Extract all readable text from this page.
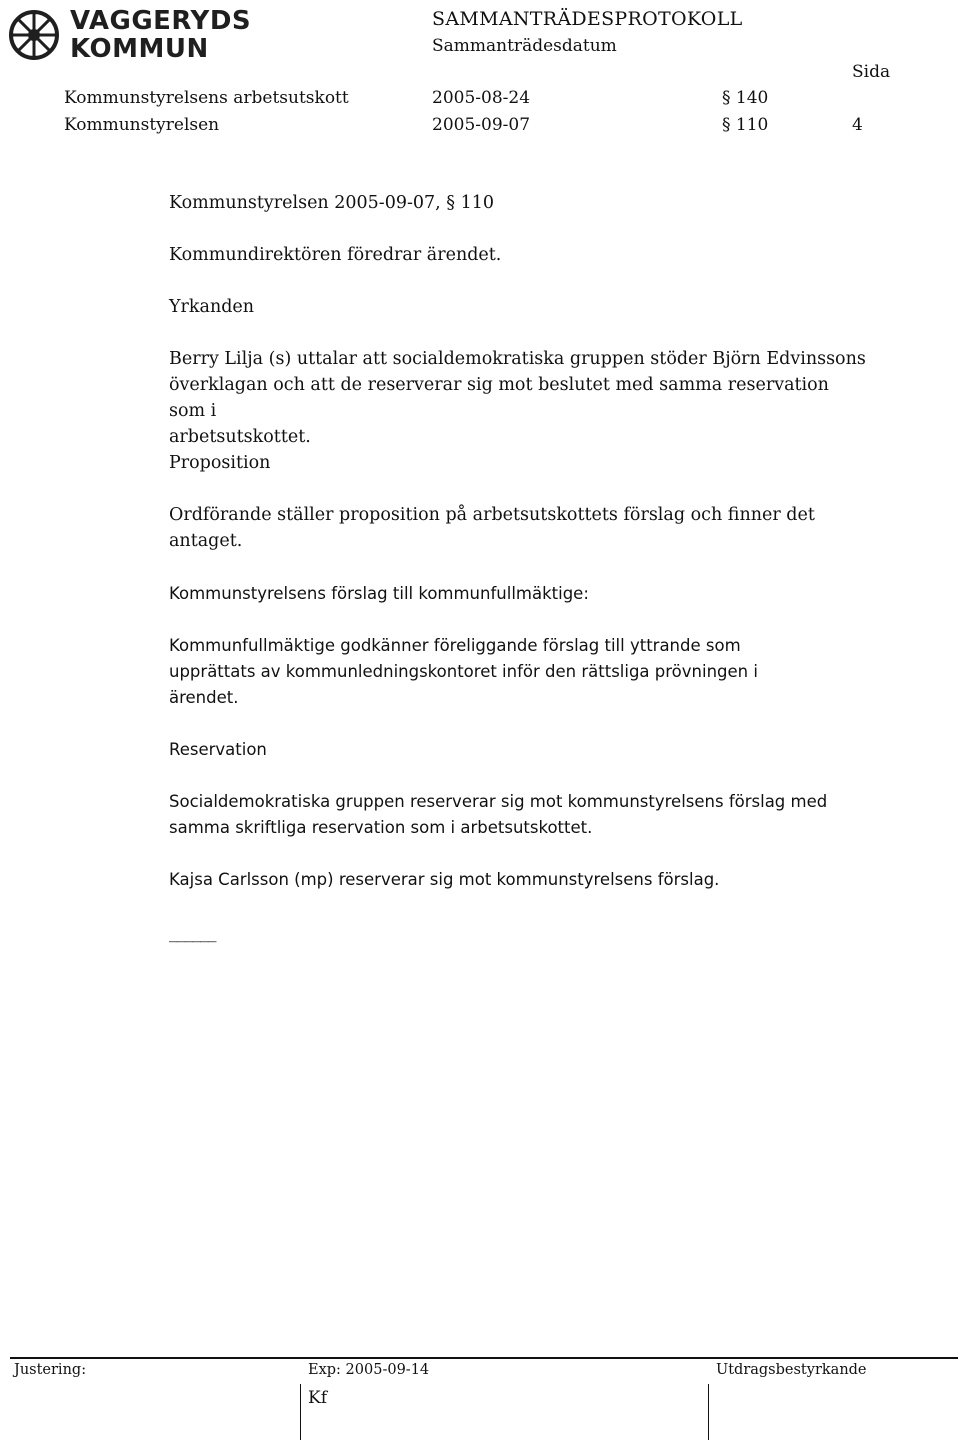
VAGGERYDS
KOMMUN
SAMMANTRÄDESPROTOKOLL
Sammanträdesdatum
Sida
Kommunstyrelsens arbetsutskott	2005-08-24	§ 140
Kommunstyrelsen	2005-09-07	§ 110	4
Kommunstyrelsen 2005-09-07, § 110
Kommundirektören föredrar ärendet.
Yrkanden
Berry Lilja (s) uttalar att socialdemokratiska gruppen stöder Björn Edvinssons
överklagan och att de reserverar sig mot beslutet med samma reservation som i
arbetsutskottet.
Proposition
Ordförande ställer proposition på arbetsutskottets förslag och finner det
antaget.
Kommunstyrelsens förslag till kommunfullmäktige:
Kommunfullmäktige godkänner föreliggande förslag till yttrande som
upprättats av kommunledningskontoret inför den rättsliga prövningen i
ärendet.
Reservation
Socialdemokratiska gruppen reserverar sig mot kommunstyrelsens förslag med
samma skriftliga reservation som i arbetsutskottet.
Kajsa Carlsson (mp) reserverar sig mot kommunstyrelsens förslag.
______
Justering:	Exp: 2005-09-14	Utdragsbestyrkande
Kf
